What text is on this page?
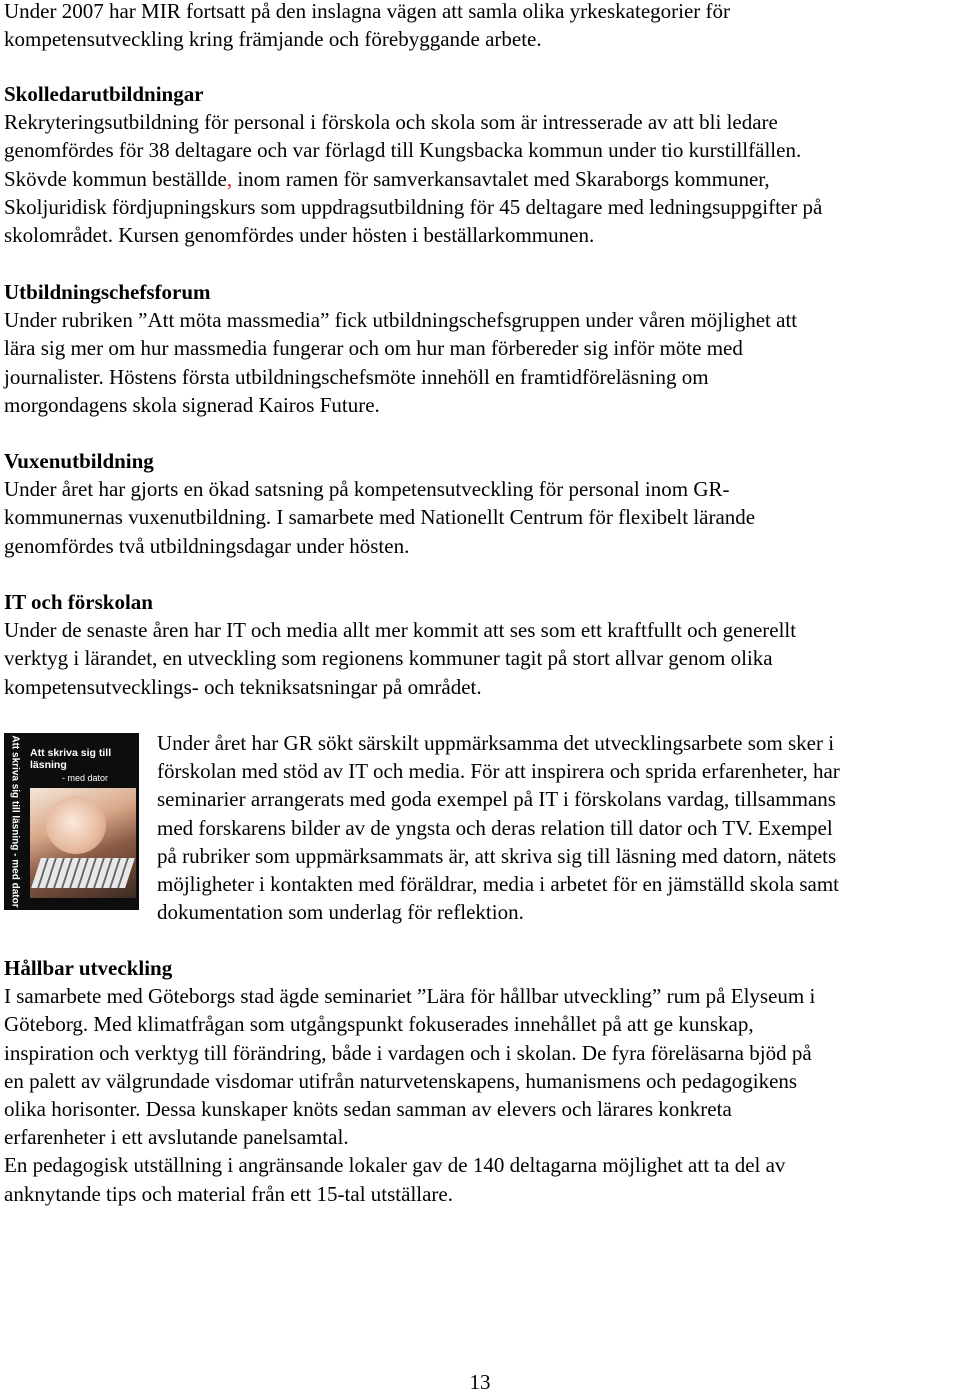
Under 2007 har MIR fortsatt på den inslagna vägen att samla olika yrkeskategorier för

kompetensutveckling kring främjande och förebyggande arbete.

Skolledarutbildningar

Rekryteringsutbildning för personal i förskola och skola som är intresserade av att bli ledare

genomfördes för 38 deltagare och var förlagd till Kungsbacka kommun under tio kurstillfällen.

Skövde kommun beställde, inom ramen för samverkansavtalet med Skaraborgs kommuner,

Skoljuridisk fördjupningskurs som uppdragsutbildning för 45 deltagare med ledningsuppgifter på

skolområdet. Kursen genomfördes under hösten i beställarkommunen.

Utbildningschefsforum

Under rubriken ”Att möta massmedia” fick utbildningschefsgruppen under våren möjlighet att

lära sig mer om hur massmedia fungerar och om hur man förbereder sig inför möte med

journalister. Höstens första utbildningschefsmöte innehöll en framtidföreläsning om

morgondagens skola signerad Kairos Future.

Vuxenutbildning

Under året har gjorts en ökad satsning på kompetensutveckling för personal inom GR-

kommunernas vuxenutbildning. I samarbete med Nationellt Centrum för flexibelt lärande

genomfördes två utbildningsdagar under hösten.

IT och förskolan

Under de senaste åren har IT och media allt mer kommit att ses som ett kraftfullt och generellt

verktyg i lärandet, en utveckling som regionens kommuner tagit på stort allvar genom olika

kompetensutvecklings- och tekniksatsningar på området.

Att skriva sig till läsning - med dator Att skriva sig till läsning
- med dator

Under året har GR sökt särskilt uppmärksamma det utvecklingsarbete som sker i

förskolan med stöd av IT och media. För att inspirera och sprida erfarenheter, har

seminarier arrangerats med goda exempel på IT i förskolans vardag, tillsammans

med forskarens bilder av de yngsta och deras relation till dator och TV. Exempel

på rubriker som uppmärksammats är, att skriva sig till läsning med datorn, nätets

möjligheter i kontakten med föräldrar, media i arbetet för en jämställd skola samt

dokumentation som underlag för reflektion.

Hållbar utveckling

I samarbete med Göteborgs stad ägde seminariet ”Lära för hållbar utveckling” rum på Elyseum i

Göteborg. Med klimatfrågan som utgångspunkt fokuserades innehållet på att ge kunskap,

inspiration och verktyg till förändring, både i vardagen och i skolan. De fyra föreläsarna bjöd på

en palett av välgrundade visdomar utifrån naturvetenskapens, humanismens och pedagogikens

olika horisonter. Dessa kunskaper knöts sedan samman av elevers och lärares konkreta

erfarenheter i ett avslutande panelsamtal.

En pedagogisk utställning i angränsande lokaler gav de 140 deltagarna möjlighet att ta del av

anknytande tips och material från ett 15-tal utställare.

13
